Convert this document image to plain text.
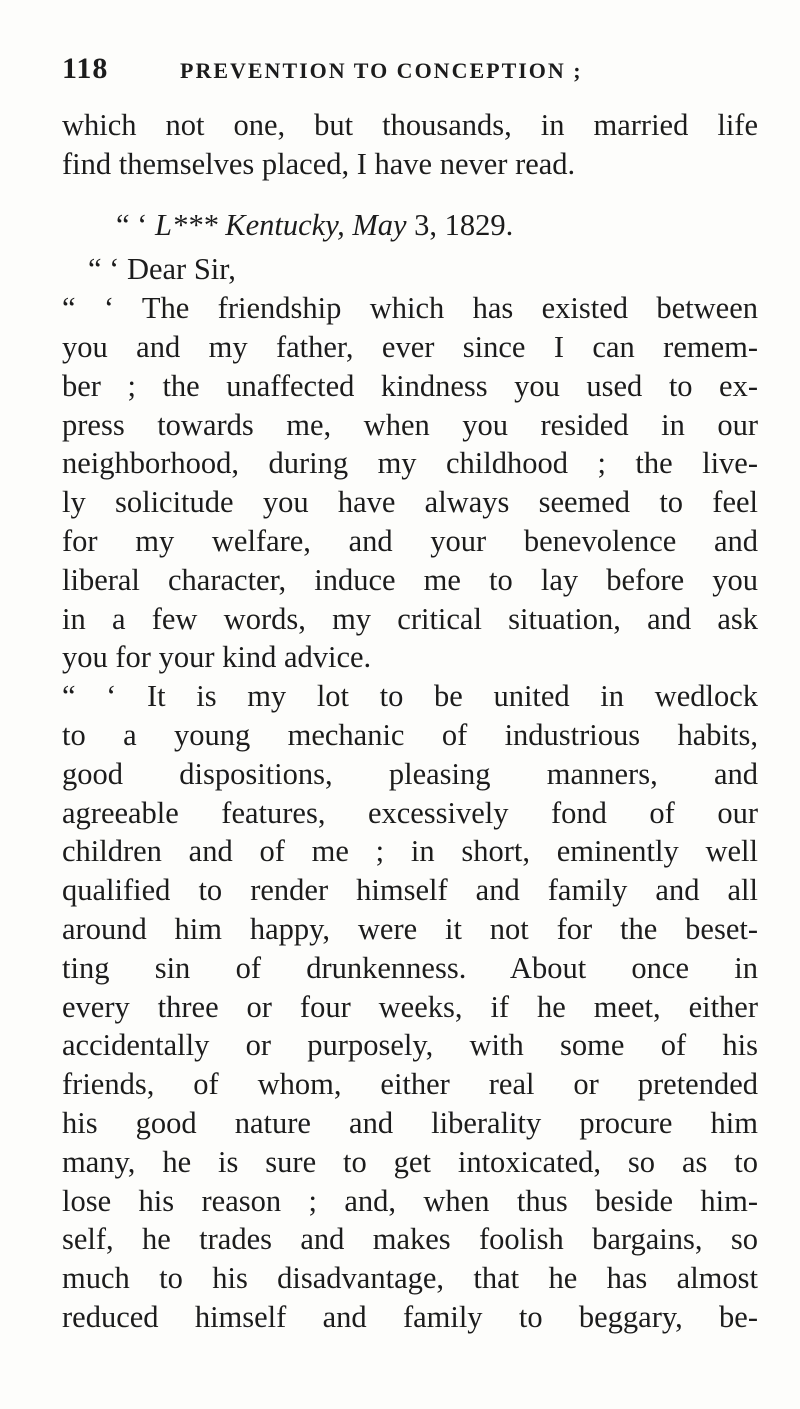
118	PREVENTION TO CONCEPTION ;
which not one, but thousands, in married life
find themselves placed, I have never read.
“ ‘ L*** Kentucky, May 3, 1829.
“ ‘ Dear Sir,
“ ‘ The friendship which has existed between
you and my father, ever since I can remem-
ber ; the unaffected kindness you used to ex-
press towards me, when you resided in our
neighborhood, during my childhood ; the live-
ly solicitude you have always seemed to feel
for my welfare, and your benevolence and
liberal character, induce me to lay before you
in a few words, my critical situation, and ask
you for your kind advice.
“ ‘ It is my lot to be united in wedlock
to a young mechanic of industrious habits,
good dispositions, pleasing manners, and
agreeable features, excessively fond of our
children and of me ; in short, eminently well
qualified to render himself and family and all
around him happy, were it not for the beset-
ting sin of drunkenness. About once in
every three or four weeks, if he meet, either
accidentally or purposely, with some of his
friends, of whom, either real or pretended
his good nature and liberality procure him
many, he is sure to get intoxicated, so as to
lose his reason ; and, when thus beside him-
self, he trades and makes foolish bargains, so
much to his disadvantage, that he has almost
reduced himself and family to beggary, be-
